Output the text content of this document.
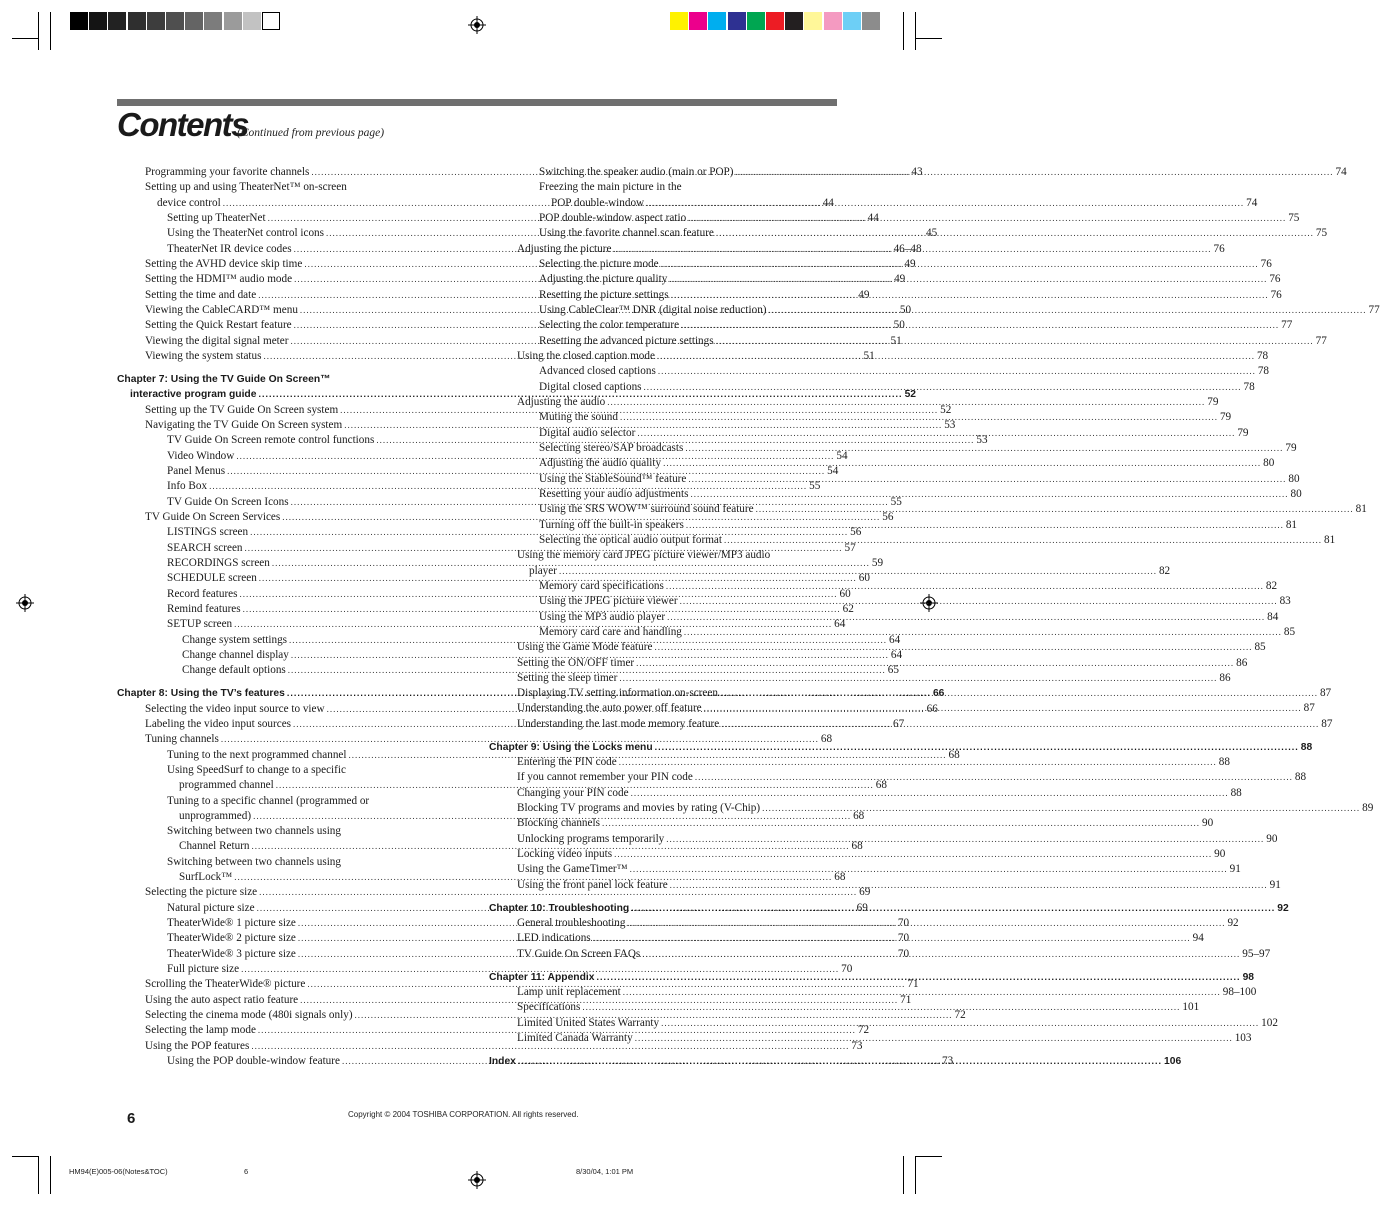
Contents
(Continued from previous page)
Programming your favorite channels .....	43
Setting up and using TheaterNet™ on-screen
device control .....	44
Setting up TheaterNet .....	44
Using the TheaterNet control icons .....	45
TheaterNet IR device codes .....	46–48
Setting the AVHD device skip time .....	49
Setting the HDMI™ audio mode .....	49
Setting the time and date .....	49
Viewing the CableCARD™ menu .....	50
Setting the Quick Restart feature .....	50
Viewing the digital signal meter .....	51
Viewing the system status .....	51
Chapter 7: Using the TV Guide On Screen™
interactive program guide .....	52
Setting up the TV Guide On Screen system .....	52
Navigating the TV Guide On Screen system .....	53
TV Guide On Screen remote control functions .....	53
Video Window .....	54
Panel Menus .....	54
Info Box .....	55
TV Guide On Screen Icons .....	55
TV Guide On Screen Services .....	56
LISTINGS screen .....	56
SEARCH screen .....	57
RECORDINGS screen .....	59
SCHEDULE screen .....	60
Record features .....	60
Remind features .....	62
SETUP screen .....	64
Change system settings .....	64
Change channel display .....	64
Change default options .....	65
Chapter 8: Using the TV’s features .....	66
Selecting the video input source to view .....	66
Labeling the video input sources .....	67
Tuning channels .....	68
Tuning to the next programmed channel .....	68
Using SpeedSurf to change to a specific
programmed channel .....	68
Tuning to a specific channel (programmed or
unprogrammed) .....	68
Switching between two channels using
Channel Return .....	68
Switching between two channels using
SurfLock™ .....	68
Selecting the picture size .....	69
Natural picture size .....	69
TheaterWide® 1 picture size .....	70
TheaterWide® 2 picture size .....	70
TheaterWide® 3 picture size .....	70
Full picture size .....	70
Scrolling the TheaterWide® picture .....	71
Using the auto aspect ratio feature .....	71
Selecting the cinema mode (480i signals only) .....	72
Selecting the lamp mode .....	72
Using the POP features .....	73
Using the POP double-window feature .....	73
Switching the speaker audio (main or POP) .....	74
Freezing the main picture in the
POP double-window .....	74
POP double-window aspect ratio .....	75
Using the favorite channel scan feature .....	75
Adjusting the picture .....	76
Selecting the picture mode .....	76
Adjusting the picture quality .....	76
Resetting the picture settings .....	76
Using CableClear™ DNR (digital noise reduction) .....	77
Selecting the color temperature .....	77
Resetting the advanced picture settings .....	77
Using the closed caption mode .....	78
Advanced closed captions .....	78
Digital closed captions .....	78
Adjusting the audio .....	79
Muting the sound .....	79
Digital audio selector .....	79
Selecting stereo/SAP broadcasts .....	79
Adjusting the audio quality .....	80
Using the StableSound™ feature .....	80
Resetting your audio adjustments .....	80
Using the SRS WOW™ surround sound feature .....	81
Turning off the built-in speakers .....	81
Selecting the optical audio output format .....	81
Using the memory card JPEG picture viewer/MP3 audio
player .....	82
Memory card specifications .....	82
Using the JPEG picture viewer .....	83
Using the MP3 audio player .....	84
Memory card care and handling .....	85
Using the Game Mode feature .....	85
Setting the ON/OFF timer .....	86
Setting the sleep timer .....	86
Displaying TV setting information on-screen .....	87
Understanding the auto power off feature .....	87
Understanding the last mode memory feature .....	87
Chapter 9: Using the Locks menu .....	88
Entering the PIN code .....	88
If you cannot remember your PIN code .....	88
Changing your PIN code .....	88
Blocking TV programs and movies by rating (V-Chip) .....	89
Blocking channels .....	90
Unlocking programs temporarily .....	90
Locking video inputs .....	90
Using the GameTimer™ .....	91
Using the front panel lock feature .....	91
Chapter 10: Troubleshooting .....	92
General troubleshooting .....	92
LED indications .....	94
TV Guide On Screen FAQs .....	95–97
Chapter 11: Appendix .....	98
Lamp unit replacement .....	98–100
Specifications .....	101
Limited United States Warranty .....	102
Limited Canada Warranty .....	103
Index .....	106
6	Copyright © 2004 TOSHIBA CORPORATION. All rights reserved.
HM94(E)005-06(Notes&TOC)	6	8/30/04, 1:01 PM
